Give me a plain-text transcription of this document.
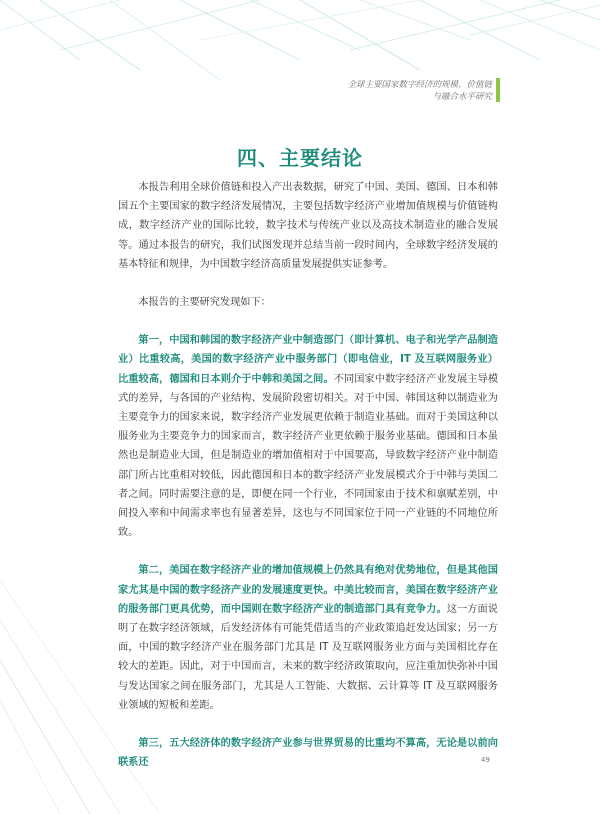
全球主要国家数字经济的规模、价值链
与融合水平研究
四、主要结论

本报告利用全球价值链和投入产出表数据，研究了中国、美国、德国、日本和韩国五个主要国家的数字经济发展情况，主要包括数字经济产业增加值规模与价值链构成，数字经济产业的国际比较，数字技术与传统产业以及高技术制造业的融合发展等。通过本报告的研究，我们试图发现并总结当前一段时间内，全球数字经济发展的基本特征和规律，为中国数字经济高质量发展提供实证参考。

本报告的主要研究发现如下：

第一，中国和韩国的数字经济产业中制造部门（即计算机、电子和光学产品制造业）比重较高，美国的数字经济产业中服务部门（即电信业，IT 及互联网服务业）比重较高，德国和日本则介于中韩和美国之间。不同国家中数字经济产业发展主导模式的差异，与各国的产业结构、发展阶段密切相关。对于中国、韩国这种以制造业为主要竞争力的国家来说，数字经济产业发展更依赖于制造业基础。而对于美国这种以服务业为主要竞争力的国家而言，数字经济产业更依赖于服务业基础。德国和日本虽然也是制造业大国，但是制造业的增加值相对于中国要高，导致数字经济产业中制造部门所占比重相对较低，因此德国和日本的数字经济产业发展模式介于中韩与美国二者之间。同时需要注意的是，即便在同一个行业，不同国家由于技术和禀赋差别，中间投入率和中间需求率也有显著差异，这也与不同国家位于同一产业链的不同地位所致。

第二，美国在数字经济产业的增加值规模上仍然具有绝对优势地位，但是其他国家尤其是中国的数字经济产业的发展速度更快。中美比较而言，美国在数字经济产业的服务部门更具优势，而中国则在数字经济产业的制造部门具有竞争力。这一方面说明了在数字经济领域，后发经济体有可能凭借适当的产业政策追赶发达国家；另一方面，中国的数字经济产业在服务部门尤其是 IT 及互联网服务业方面与美国相比存在较大的差距。因此，对于中国而言，未来的数字经济政策取向，应注重加快弥补中国与发达国家之间在服务部门，尤其是人工智能、大数据、云计算等 IT 及互联网服务业领域的短板和差距。

第三，五大经济体的数字经济产业参与世界贸易的比重均不算高，无论是以前向联系还	49
